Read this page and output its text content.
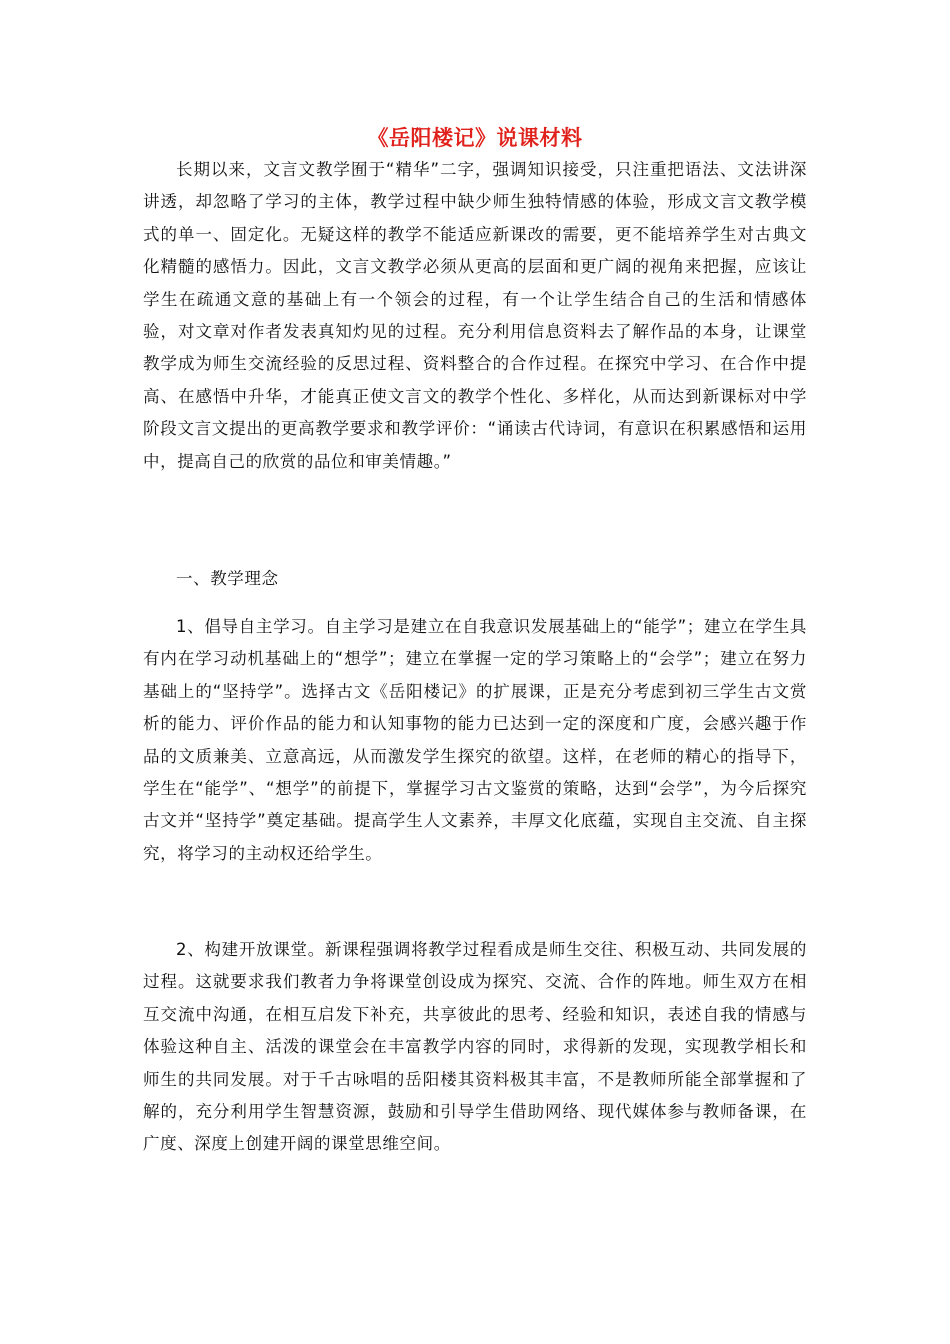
《岳阳楼记》说课材料

长期以来，文言文教学囿于“精华”二字，强调知识接受，只注重把语法、文法讲深讲透，却忽略了学习的主体，教学过程中缺少师生独特情感的体验，形成文言文教学模式的单一、固定化。无疑这样的教学不能适应新课改的需要，更不能培养学生对古典文化精髓的感悟力。因此，文言文教学必须从更高的层面和更广阔的视角来把握，应该让学生在疏通文意的基础上有一个领会的过程，有一个让学生结合自己的生活和情感体验，对文章对作者发表真知灼见的过程。充分利用信息资料去了解作品的本身，让课堂教学成为师生交流经验的反思过程、资料整合的合作过程。在探究中学习、在合作中提高、在感悟中升华，才能真正使文言文的教学个性化、多样化，从而达到新课标对中学阶段文言文提出的更高教学要求和教学评价：“诵读古代诗词，有意识在积累感悟和运用中，提高自己的欣赏的品位和审美情趣。”

一、教学理念

1、倡导自主学习。自主学习是建立在自我意识发展基础上的“能学”；建立在学生具有内在学习动机基础上的“想学”；建立在掌握一定的学习策略上的“会学”；建立在努力基础上的“坚持学”。选择古文《岳阳楼记》的扩展课，正是充分考虑到初三学生古文赏析的能力、评价作品的能力和认知事物的能力已达到一定的深度和广度，会感兴趣于作品的文质兼美、立意高远，从而激发学生探究的欲望。这样，在老师的精心的指导下，学生在“能学”、“想学”的前提下，掌握学习古文鉴赏的策略，达到“会学”，为今后探究古文并“坚持学”奠定基础。提高学生人文素养，丰厚文化底蕴，实现自主交流、自主探究，将学习的主动权还给学生。

2、构建开放课堂。新课程强调将教学过程看成是师生交往、积极互动、共同发展的过程。这就要求我们教者力争将课堂创设成为探究、交流、合作的阵地。师生双方在相互交流中沟通，在相互启发下补充，共享彼此的思考、经验和知识，表述自我的情感与体验这种自主、活泼的课堂会在丰富教学内容的同时，求得新的发现，实现教学相长和师生的共同发展。对于千古咏唱的岳阳楼其资料极其丰富，不是教师所能全部掌握和了解的，充分利用学生智慧资源，鼓励和引导学生借助网络、现代媒体参与教师备课，在广度、深度上创建开阔的课堂思维空间。
